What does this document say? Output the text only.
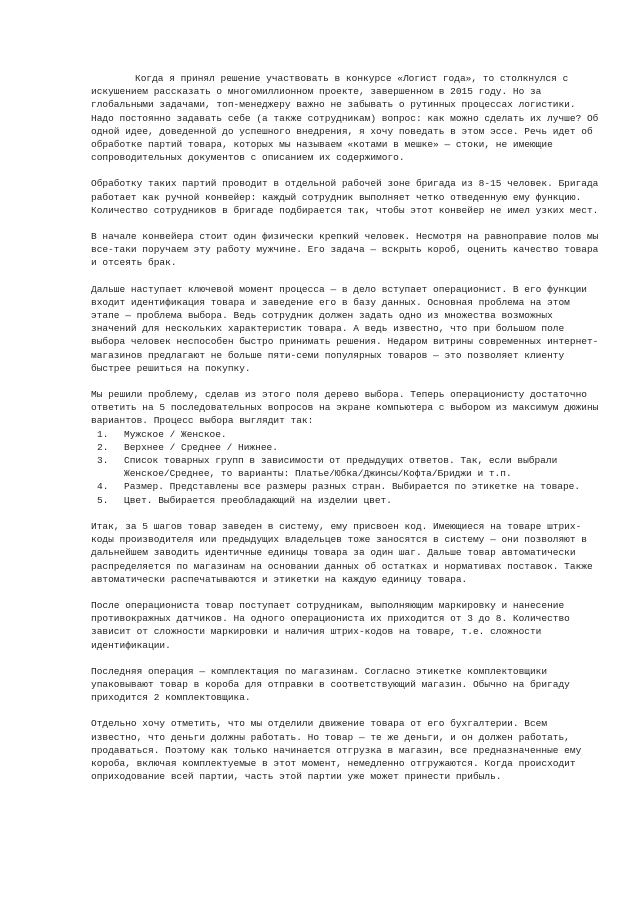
Когда я принял решение участвовать в конкурсе «Логист года», то столкнулся с искушением рассказать о многомиллионном проекте, завершенном в 2015 году. Но за глобальными задачами, топ-менеджеру важно не забывать о рутинных процессах логистики. Надо постоянно задавать себе (а также сотрудникам) вопрос: как можно сделать их лучше? Об одной идее, доведенной до успешного внедрения, я хочу поведать в этом эссе. Речь идет об обработке партий товара, которых мы называем «котами в мешке» — стоки, не имеющие сопроводительных документов с описанием их содержимого.

Обработку таких партий проводит в отдельной рабочей зоне бригада из 8-15 человек. Бригада работает как ручной конвейер: каждый сотрудник выполняет четко отведенную ему функцию. Количество сотрудников в бригаде подбирается так, чтобы этот конвейер не имел узких мест.

В начале конвейера стоит один физически крепкий человек. Несмотря на равноправие полов мы все-таки поручаем эту работу мужчине. Его задача — вскрыть короб, оценить качество товара и отсеять брак.

Дальше наступает ключевой момент процесса — в дело вступает операционист. В его функции входит идентификация товара и заведение его в базу данных. Основная проблема на этом этапе — проблема выбора. Ведь сотрудник должен задать одно из множества возможных значений для нескольких характеристик товара. А ведь известно, что при большом поле выбора человек неспособен быстро принимать решения. Недаром витрины современных интернет-магазинов предлагают не больше пяти-семи популярных товаров — это позволяет клиенту быстрее решиться на покупку.

Мы решили проблему, сделав из этого поля дерево выбора. Теперь операционисту достаточно ответить на 5 последовательных вопросов на экране компьютера с выбором из максимум дюжины вариантов. Процесс выбора выглядит так:

1.	Мужское / Женское.
2.	Верхнее / Среднее / Нижнее.
3.	Список товарных групп в зависимости от предыдущих ответов. Так, если выбрали Женское/Среднее, то варианты: Платье/Юбка/Джинсы/Кофта/Бриджи и т.п.
4.	Размер. Представлены все размеры разных стран. Выбирается по этикетке на товаре.
5.	Цвет. Выбирается преобладающий на изделии цвет.

Итак, за 5 шагов товар заведен в систему, ему присвоен код. Имеющиеся на товаре штрих-коды производителя или предыдущих владельцев тоже заносятся в систему — они позволяют в дальнейшем заводить идентичные единицы товара за один шаг. Дальше товар автоматически распределяется по магазинам на основании данных об остатках и нормативах поставок. Также автоматически распечатываются и этикетки на каждую единицу товара.

После операциониста товар поступает сотрудникам, выполняющим маркировку и нанесение противокражных датчиков. На одного операциониста их приходится от 3 до 8. Количество зависит от сложности маркировки и наличия штрих-кодов на товаре, т.е. сложности идентификации.

Последняя операция — комплектация по магазинам. Согласно этикетке комплектовщики упаковывают товар в короба для отправки в соответствующий магазин. Обычно на бригаду приходится 2 комплектовщика.

Отдельно хочу отметить, что мы отделили движение товара от его бухгалтерии. Всем известно, что деньги должны работать. Но товар — те же деньги, и он должен работать, продаваться. Поэтому как только начинается отгрузка в магазин, все предназначенные ему короба, включая комплектуемые в этот момент, немедленно отгружаются. Когда происходит оприходование всей партии, часть этой партии уже может принести прибыль.
